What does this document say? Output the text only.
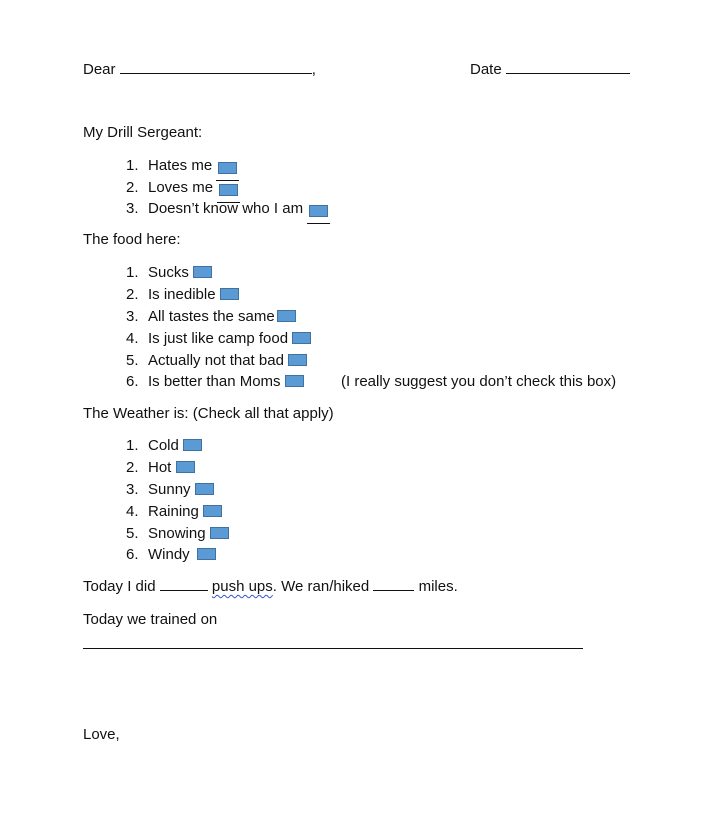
Dear	,	Date
My Drill Sergeant:
1. Hates me
2. Loves me
3. Doesn’t know who I am
The food here:
1. Sucks
2. Is inedible
3. All tastes the same
4. Is just like camp food
5. Actually not that bad
6. Is better than Moms	(I really suggest you don’t check this box)
The Weather is: (Check all that apply)
1. Cold
2. Hot
3. Sunny
4. Raining
5. Snowing
6. Windy
Today I did	push ups. We ran/hiked	miles.
Today we trained on
Love,
